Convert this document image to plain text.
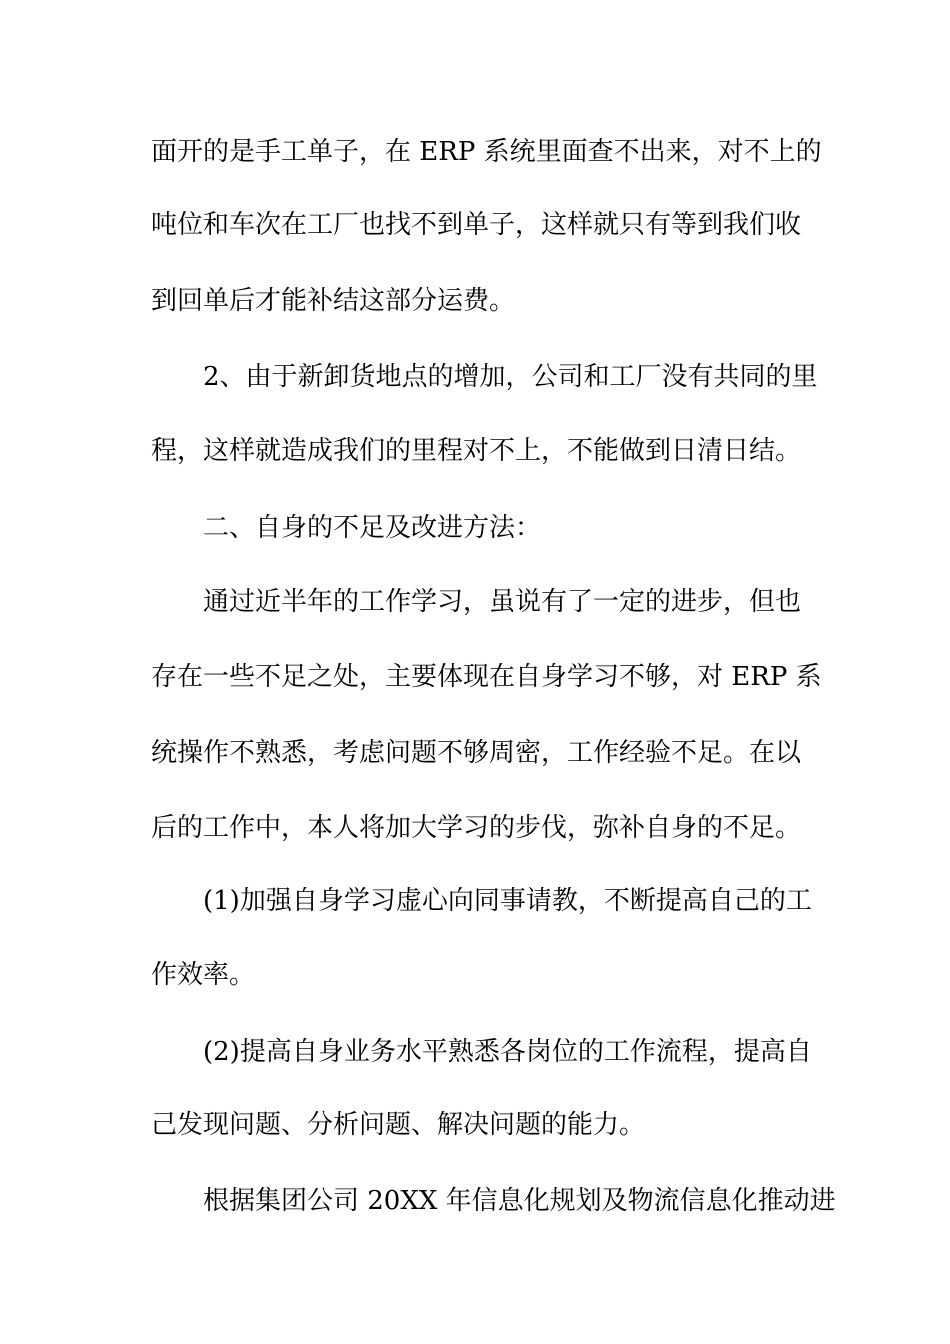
面开的是手工单子，在 ERP 系统里面查不出来，对不上的
吨位和车次在工厂也找不到单子，这样就只有等到我们收
到回单后才能补结这部分运费。
2、由于新卸货地点的增加，公司和工厂没有共同的里
程，这样就造成我们的里程对不上，不能做到日清日结。
二、自身的不足及改进方法：
通过近半年的工作学习，虽说有了一定的进步，但也
存在一些不足之处，主要体现在自身学习不够，对 ERP 系
统操作不熟悉，考虑问题不够周密，工作经验不足。在以
后的工作中，本人将加大学习的步伐，弥补自身的不足。
(1)加强自身学习虚心向同事请教，不断提高自己的工
作效率。
(2)提高自身业务水平熟悉各岗位的工作流程，提高自
己发现问题、分析问题、解决问题的能力。
根据集团公司 20XX 年信息化规划及物流信息化推动进
